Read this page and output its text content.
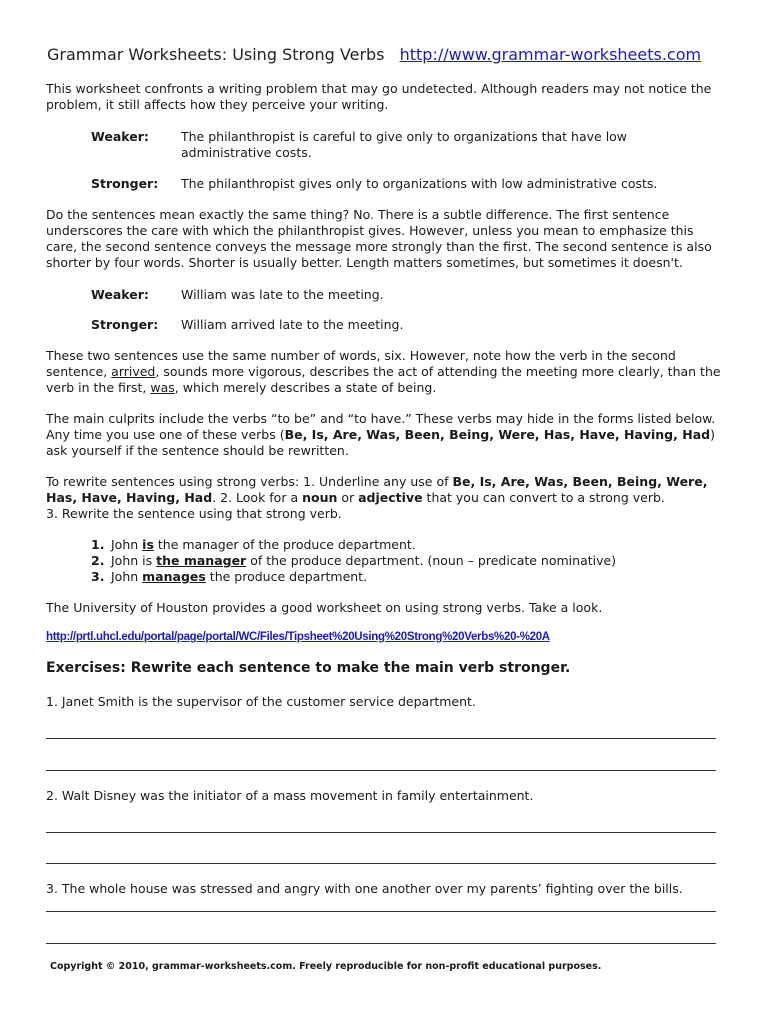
Grammar Worksheets: Using Strong Verbs http://www.grammar-worksheets.com
This worksheet confronts a writing problem that may go undetected. Although readers may not notice the problem, it still affects how they perceive your writing.
Weaker:	The philanthropist is careful to give only to organizations that have low administrative costs.
Stronger: The philanthropist gives only to organizations with low administrative costs.
Do the sentences mean exactly the same thing? No. There is a subtle difference. The first sentence underscores the care with which the philanthropist gives. However, unless you mean to emphasize this care, the second sentence conveys the message more strongly than the first. The second sentence is also shorter by four words. Shorter is usually better. Length matters sometimes, but sometimes it doesn't.
Weaker:	William was late to the meeting.
Stronger: William arrived late to the meeting.
These two sentences use the same number of words, six. However, note how the verb in the second sentence, arrived, sounds more vigorous, describes the act of attending the meeting more clearly, than the verb in the first, was, which merely describes a state of being.
The main culprits include the verbs “to be” and “to have.” These verbs may hide in the forms listed below. Any time you use one of these verbs (Be, Is, Are, Was, Been, Being, Were, Has, Have, Having, Had) ask yourself if the sentence should be rewritten.
To rewrite sentences using strong verbs: 1. Underline any use of Be, Is, Are, Was, Been, Being, Were, Has, Have, Having, Had. 2. Look for a noun or adjective that you can convert to a strong verb.
3. Rewrite the sentence using that strong verb.
1. John is the manager of the produce department.
2. John is the manager of the produce department. (noun – predicate nominative)
3. John manages the produce department.
The University of Houston provides a good worksheet on using strong verbs. Take a look.
http://prtl.uhcl.edu/portal/page/portal/WC/Files/Tipsheet%20Using%20Strong%20Verbs%20-%20A
Exercises: Rewrite each sentence to make the main verb stronger.
1. Janet Smith is the supervisor of the customer service department.
2. Walt Disney was the initiator of a mass movement in family entertainment.
3. The whole house was stressed and angry with one another over my parents’ fighting over the bills.
Copyright © 2010, grammar-worksheets.com. Freely reproducible for non-profit educational purposes.
